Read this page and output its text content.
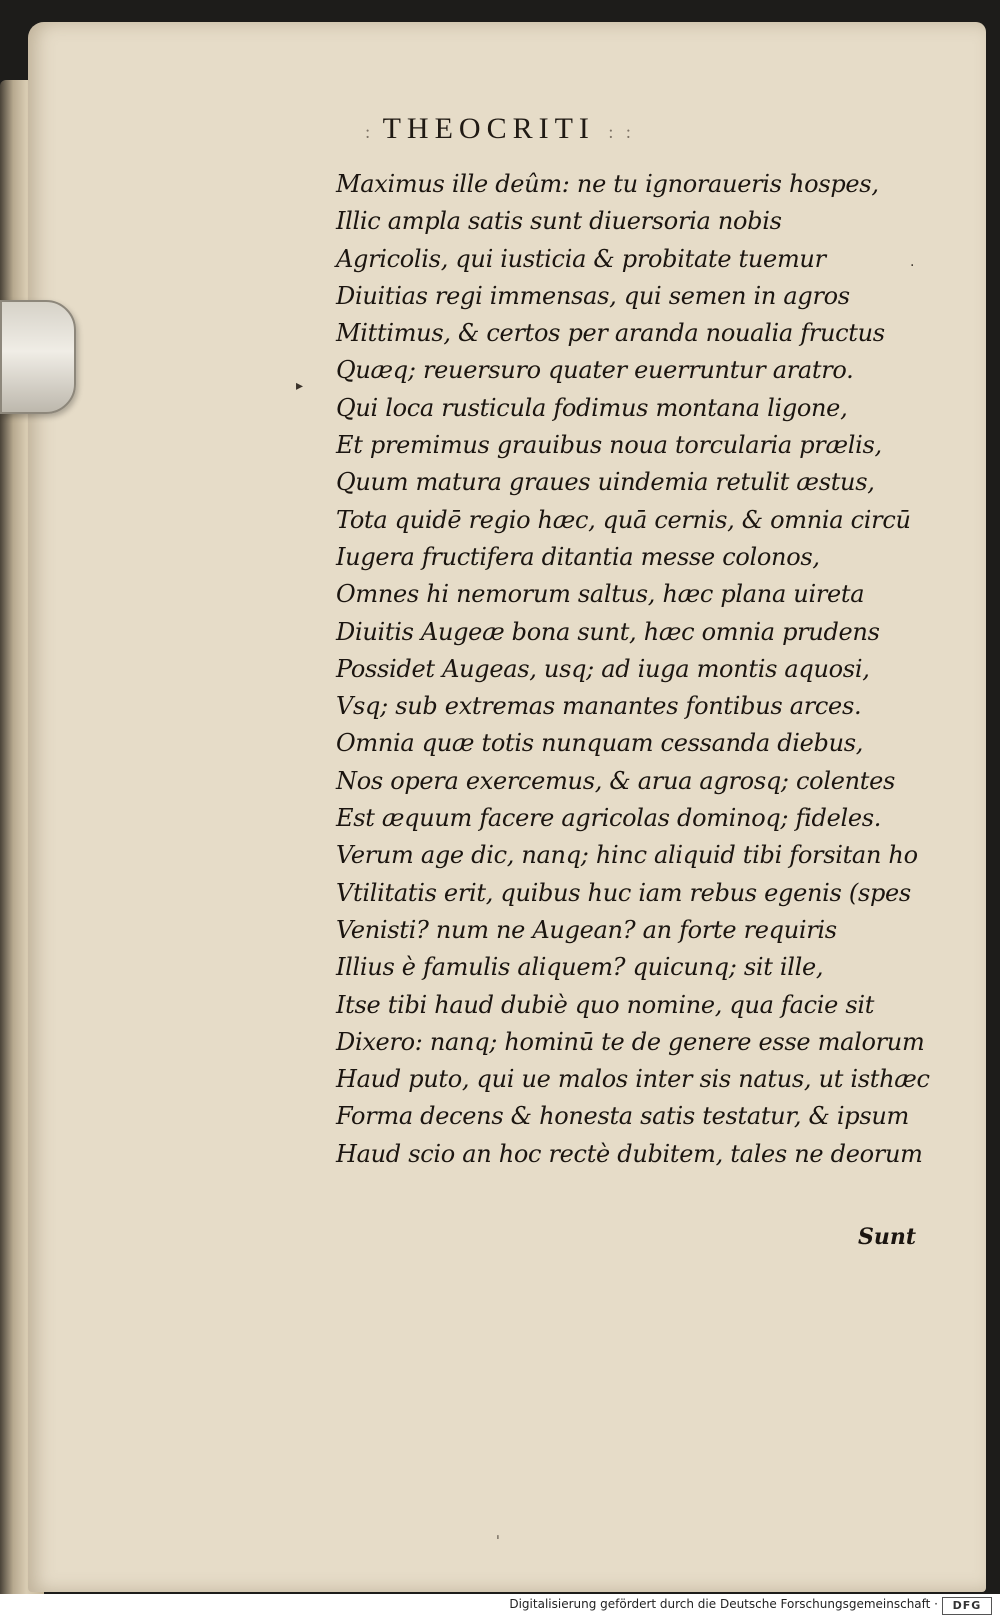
: THEOCRITI : :
Maximus ille deûm: ne tu ignoraueris hospes,
Illic ampla satis sunt diuersoria nobis
Agricolis, qui iusticia & probitate tuemur
Diuitias regi immensas, qui semen in agros
Mittimus, & certos per aranda noualia fructus
Quæq; reuersuro quater euerruntur aratro.
Qui loca rusticula fodimus montana ligone,
Et premimus grauibus noua torcularia prælis,
Quum matura graues uindemia retulit æstus,
Tota quidē regio hæc, quā cernis, & omnia circū
Iugera fructifera ditantia messe colonos,
Omnes hi nemorum saltus, hæc plana uireta
Diuitis Augeæ bona sunt, hæc omnia prudens
Possidet Augeas, usq; ad iuga montis aquosi,
Vsq; sub extremas manantes fontibus arces.
Omnia quæ totis nunquam cessanda diebus,
Nos opera exercemus, & arua agrosq; colentes
Est æquum facere agricolas dominoq; fideles.
Verum age dic, nanq; hinc aliquid tibi forsitan ho
Vtilitatis erit, quibus huc iam rebus egenis (spes
Venisti? num ne Augean? an forte requiris
Illius è famulis aliquem? quicunq; sit ille,
Itse tibi haud dubiè quo nomine, qua facie sit
Dixero: nanq; hominū te de genere esse malorum
Haud puto, qui ue malos inter sis natus, ut isthæc
Forma decens & honesta satis testatur, & ipsum
Haud scio an hoc rectè dubitem, tales ne deorum
Sunt
▸
·
ˈ
Digitalisierung gefördert durch die Deutsche Forschungsgemeinschaft ·	DFG
